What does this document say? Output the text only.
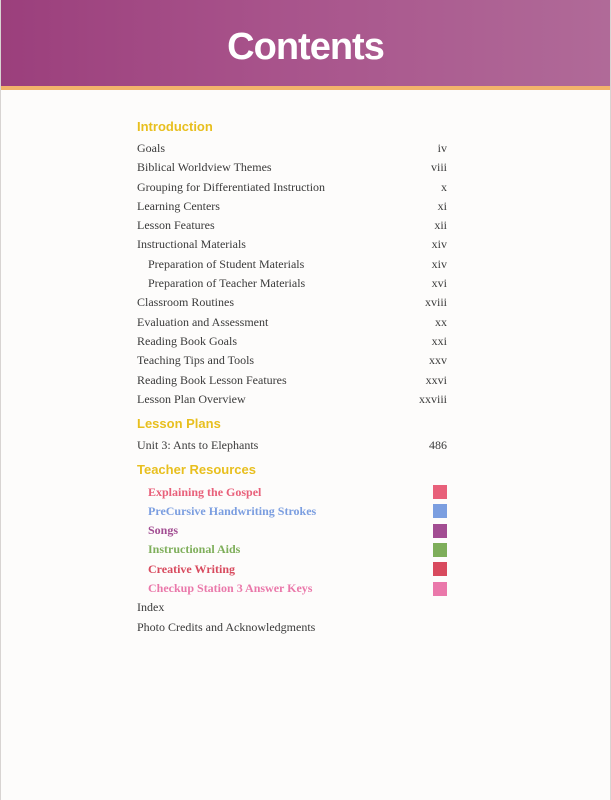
Contents
Introduction
Goals	iv
Biblical Worldview Themes	viii
Grouping for Differentiated Instruction	x
Learning Centers	xi
Lesson Features	xii
Instructional Materials	xiv
Preparation of Student Materials	xiv
Preparation of Teacher Materials	xvi
Classroom Routines	xviii
Evaluation and Assessment	xx
Reading Book Goals	xxi
Teaching Tips and Tools	xxv
Reading Book Lesson Features	xxvi
Lesson Plan Overview	xxviii
Lesson Plans
Unit 3: Ants to Elephants	486
Teacher Resources
Explaining the Gospel
PreCursive Handwriting Strokes
Songs
Instructional Aids
Creative Writing
Checkup Station 3 Answer Keys
Index
Photo Credits and Acknowledgments
